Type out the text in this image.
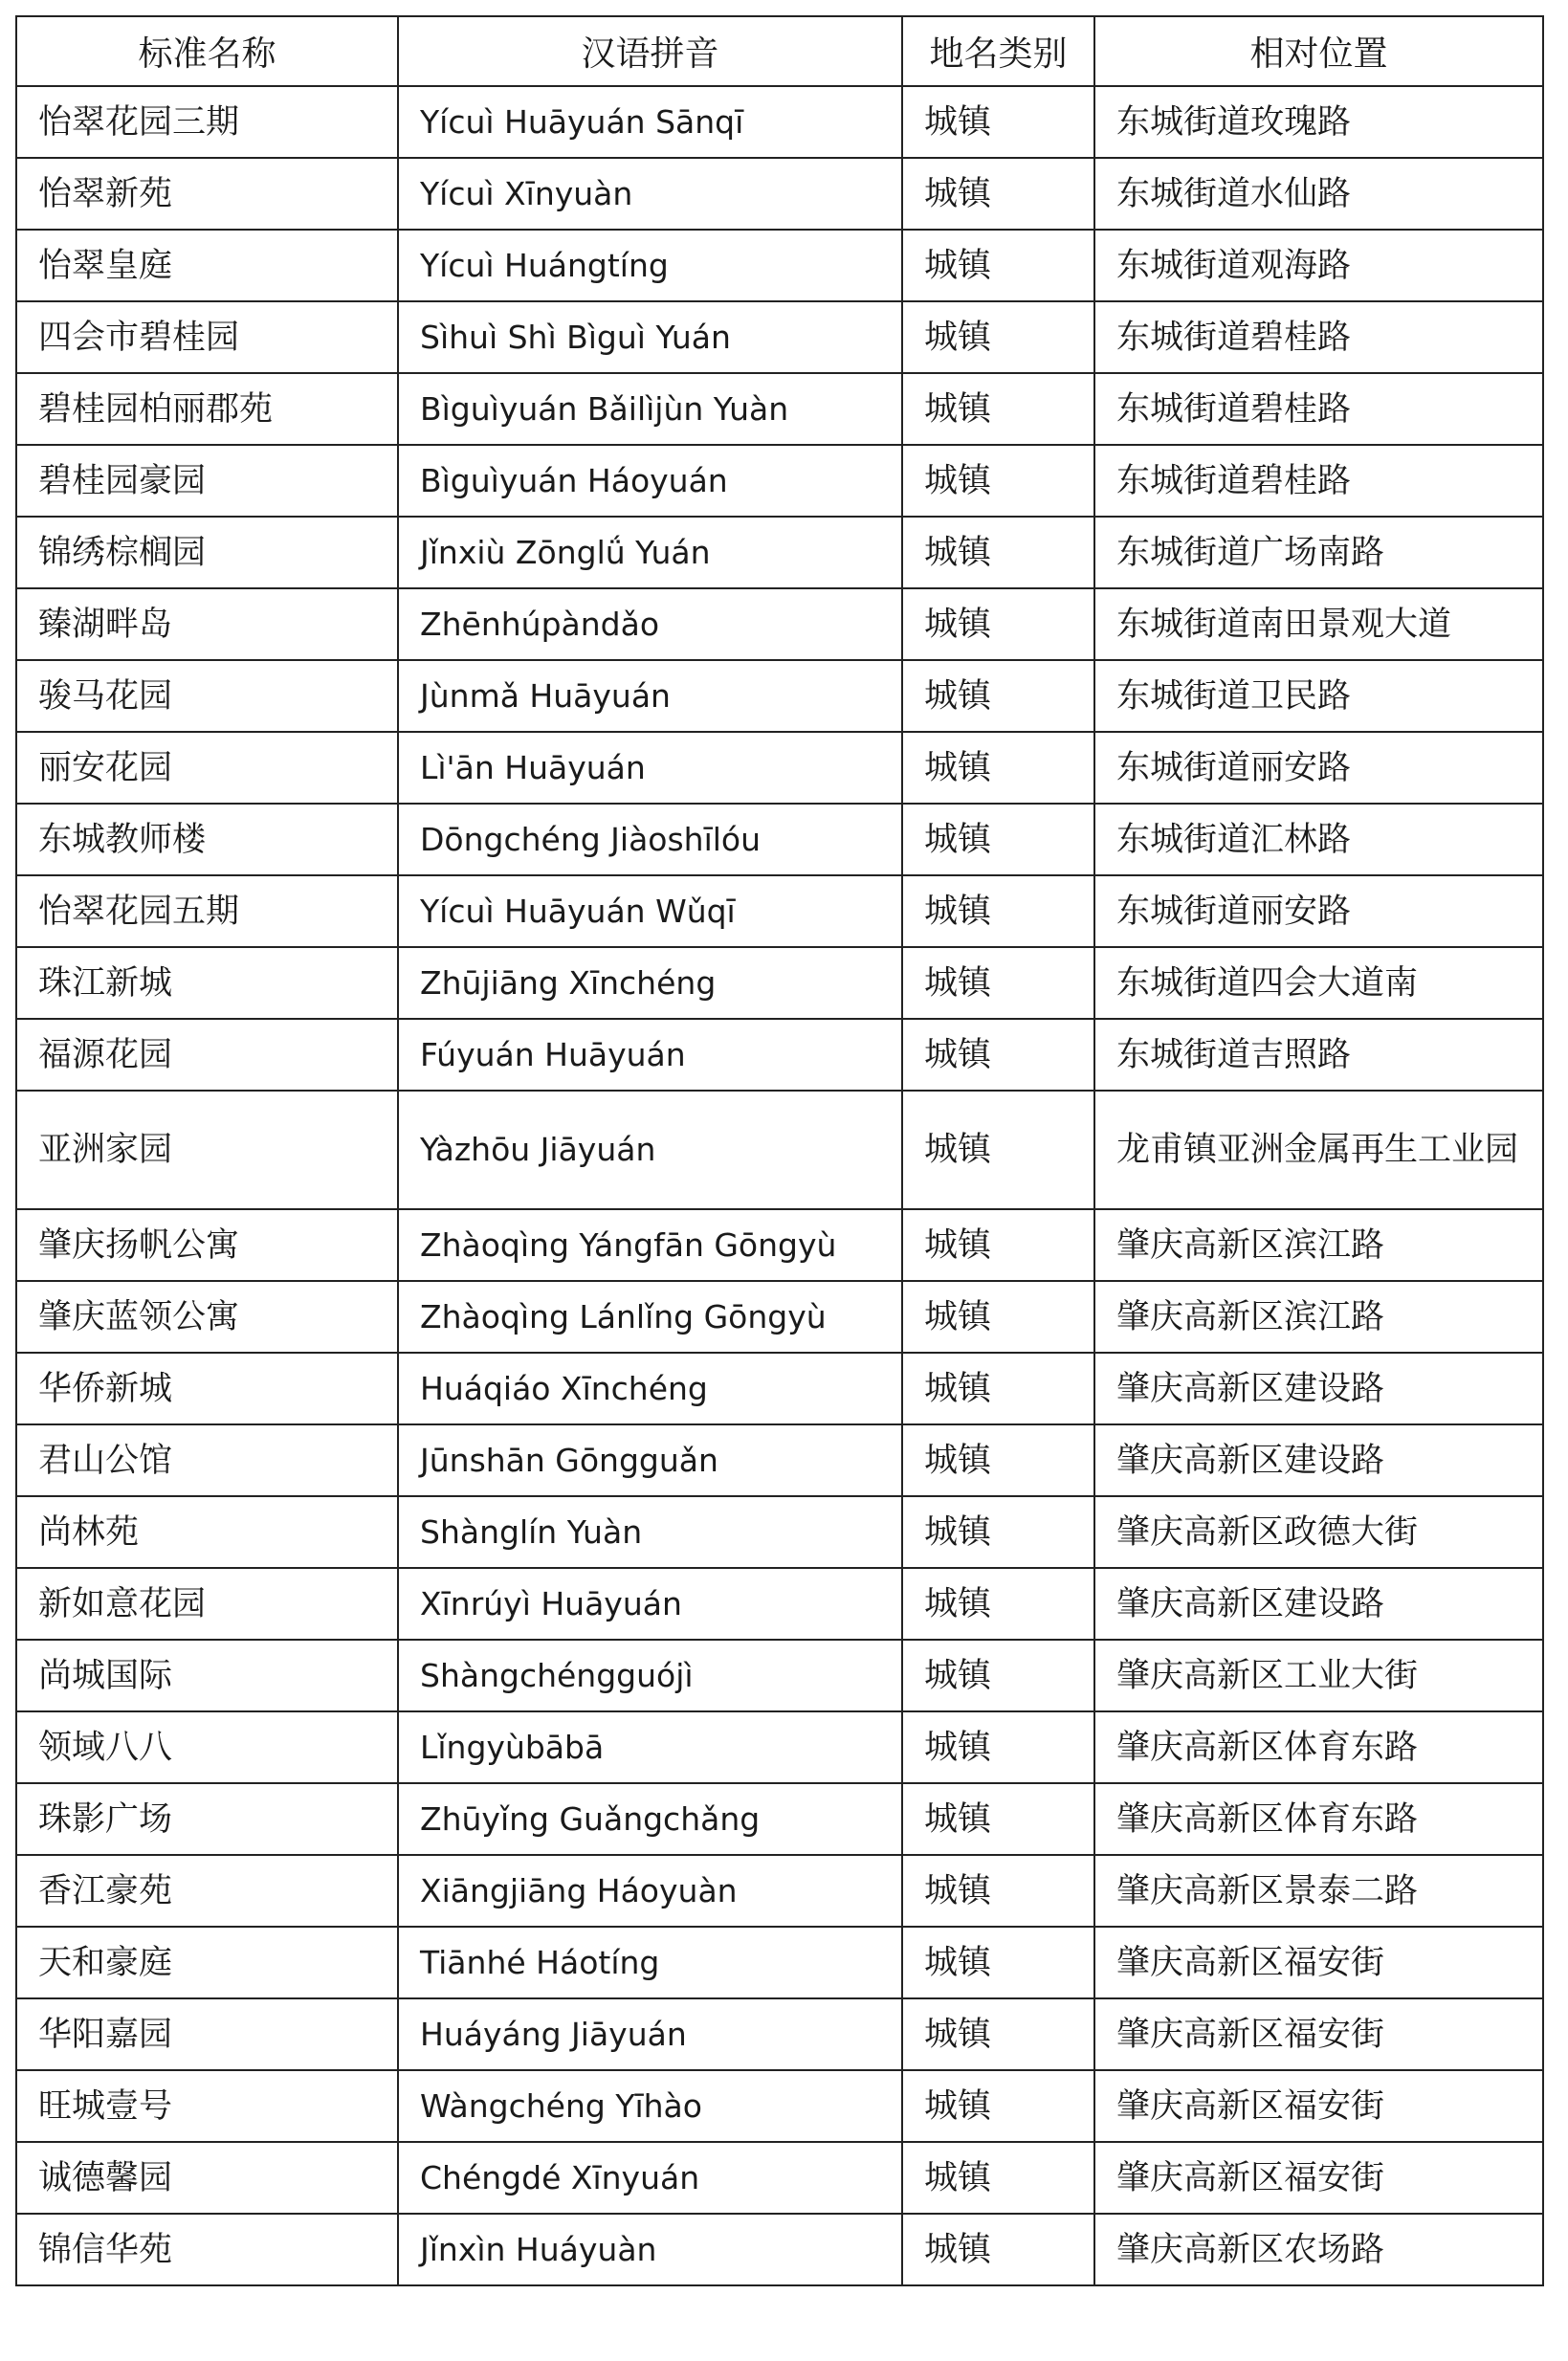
标准名称	汉语拼音	地名类别	相对位置
怡翠花园三期	Yícuì Huāyuán Sānqī	城镇	东城街道玫瑰路
怡翠新苑	Yícuì Xīnyuàn	城镇	东城街道水仙路
怡翠皇庭	Yícuì Huángtíng	城镇	东城街道观海路
四会市碧桂园	Sìhuì Shì Bìguì Yuán	城镇	东城街道碧桂路
碧桂园柏丽郡苑	Bìguìyuán Bǎilìjùn Yuàn	城镇	东城街道碧桂路
碧桂园豪园	Bìguìyuán Háoyuán	城镇	东城街道碧桂路
锦绣棕榈园	Jǐnxiù Zōnglǘ Yuán	城镇	东城街道广场南路
臻湖畔岛	Zhēnhúpàndǎo	城镇	东城街道南田景观大道
骏马花园	Jùnmǎ Huāyuán	城镇	东城街道卫民路
丽安花园	Lì'ān Huāyuán	城镇	东城街道丽安路
东城教师楼	Dōngchéng Jiàoshīlóu	城镇	东城街道汇林路
怡翠花园五期	Yícuì Huāyuán Wǔqī	城镇	东城街道丽安路
珠江新城	Zhūjiāng Xīnchéng	城镇	东城街道四会大道南
福源花园	Fúyuán Huāyuán	城镇	东城街道吉照路
亚洲家园	Yàzhōu Jiāyuán	城镇	龙甫镇亚洲金属再生工业园
肇庆扬帆公寓	Zhàoqìng Yángfān Gōngyù	城镇	肇庆高新区滨江路
肇庆蓝领公寓	Zhàoqìng Lánlǐng Gōngyù	城镇	肇庆高新区滨江路
华侨新城	Huáqiáo Xīnchéng	城镇	肇庆高新区建设路
君山公馆	Jūnshān Gōngguǎn	城镇	肇庆高新区建设路
尚林苑	Shànglín Yuàn	城镇	肇庆高新区政德大街
新如意花园	Xīnrúyì Huāyuán	城镇	肇庆高新区建设路
尚城国际	Shàngchéngguójì	城镇	肇庆高新区工业大街
领域八八	Lǐngyùbābā	城镇	肇庆高新区体育东路
珠影广场	Zhūyǐng Guǎngchǎng	城镇	肇庆高新区体育东路
香江豪苑	Xiāngjiāng Háoyuàn	城镇	肇庆高新区景泰二路
天和豪庭	Tiānhé Háotíng	城镇	肇庆高新区福安街
华阳嘉园	Huáyáng Jiāyuán	城镇	肇庆高新区福安街
旺城壹号	Wàngchéng Yīhào	城镇	肇庆高新区福安街
诚德馨园	Chéngdé Xīnyuán	城镇	肇庆高新区福安街
锦信华苑	Jǐnxìn Huáyuàn	城镇	肇庆高新区农场路
